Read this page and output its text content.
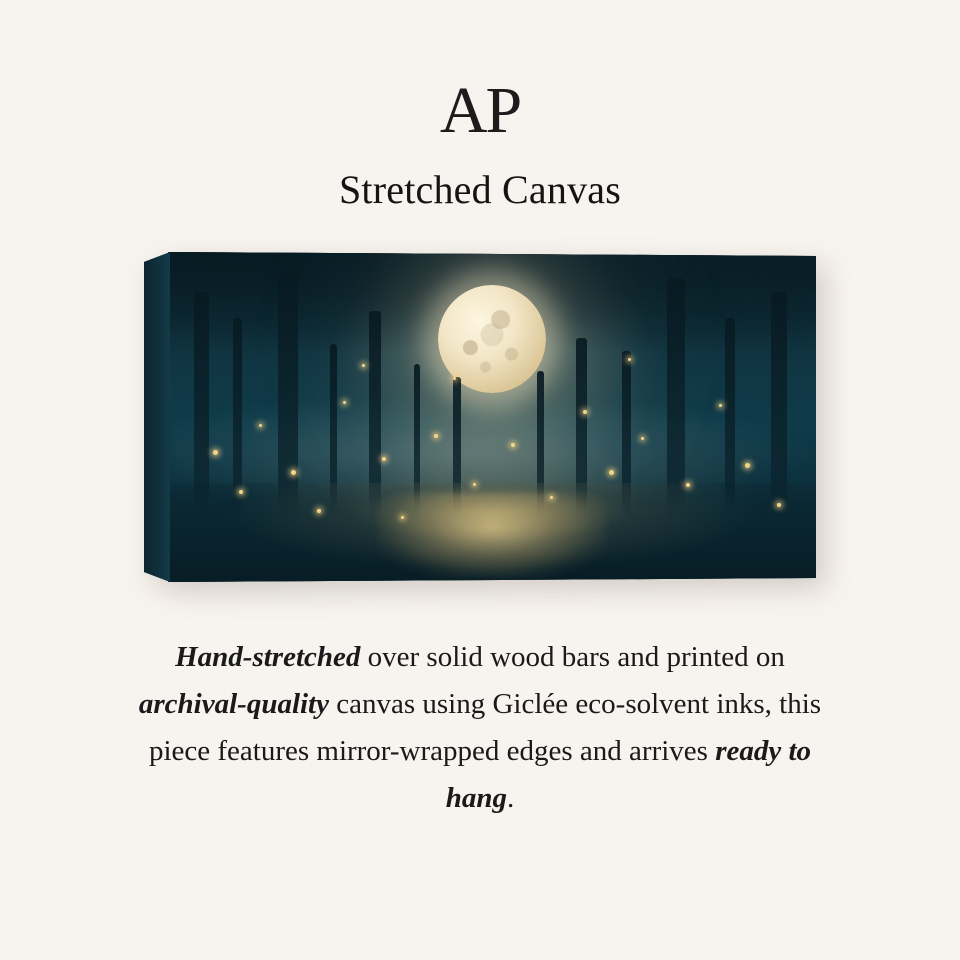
AP
Stretched Canvas
Hand-stretched over solid wood bars and printed on archival-quality canvas using Giclée eco-solvent inks, this piece features mirror-wrapped edges and arrives ready to hang.
